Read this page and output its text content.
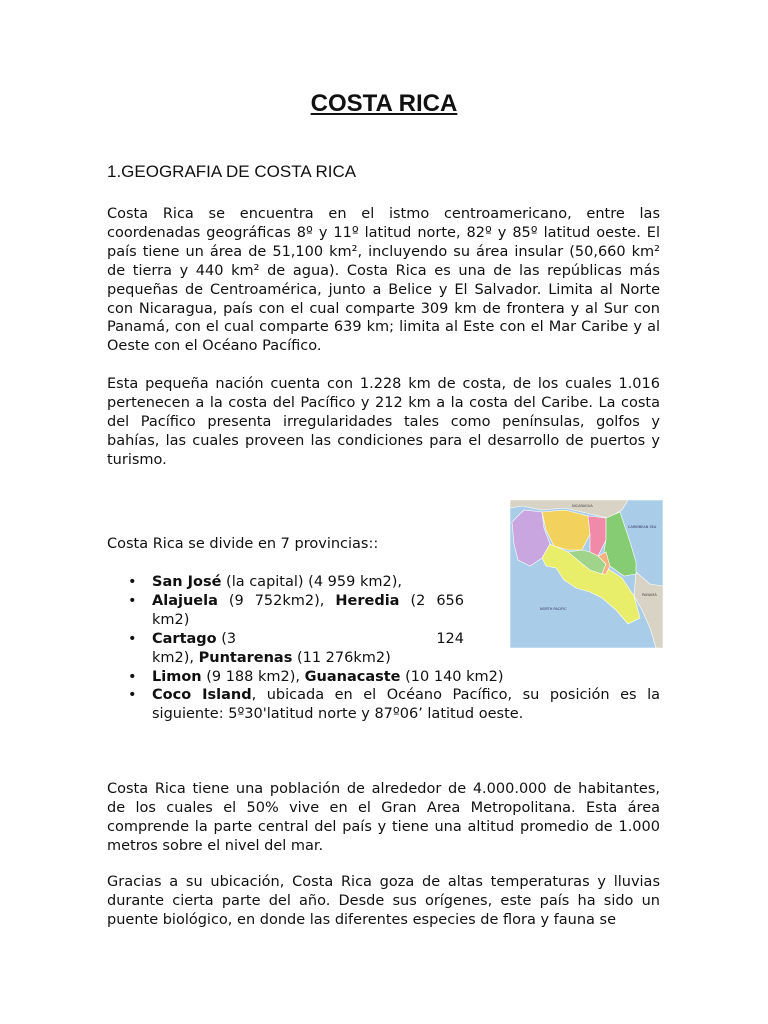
COSTA RICA
1.GEOGRAFIA DE COSTA RICA

Costa Rica se encuentra en el istmo centroamericano, entre las coordenadas geográficas 8º y 11º latitud norte, 82º y 85º latitud oeste. El país tiene un área de 51,100 km², incluyendo su área insular (50,660 km² de tierra y 440 km² de agua). Costa Rica es una de las repúblicas más pequeñas de Centroamérica, junto a Belice y El Salvador. Limita al Norte con Nicaragua, país con el cual comparte 309 km de frontera y al Sur con Panamá, con el cual comparte 639 km; limita al Este con el Mar Caribe y al Oeste con el Océano Pacífico.

Esta pequeña nación cuenta con 1.228 km de costa, de los cuales 1.016 pertenecen a la costa del Pacífico y 212 km a la costa del Caribe. La costa del Pacífico presenta irregularidades tales como penínsulas, golfos y bahías, las cuales proveen las condiciones para el desarrollo de puertos y turismo.

Costa Rica se divide en 7 provincias::

• San José (la capital) (4 959 km2),
• Alajuela (9 752km2), Heredia (2 656 km2)
• Cartago (3	124
km2), Puntarenas (11 276km2)
• Limon (9 188 km2), Guanacaste (10 140 km2)
• Coco Island, ubicada en el Océano Pacífico, su posición es la siguiente: 5º30'latitud norte y 87º06’ latitud oeste.
NICARAGUA
PANAMÁ
NORTH PACIFIC
CARIBBEAN SEA

Costa Rica tiene una población de alrededor de 4.000.000 de habitantes, de los cuales el 50% vive en el Gran Area Metropolitana. Esta área comprende la parte central del país y tiene una altitud promedio de 1.000 metros sobre el nivel del mar.

Gracias a su ubicación, Costa Rica goza de altas temperaturas y lluvias durante cierta parte del año. Desde sus orígenes, este país ha sido un puente biológico, en donde las diferentes especies de flora y fauna se
